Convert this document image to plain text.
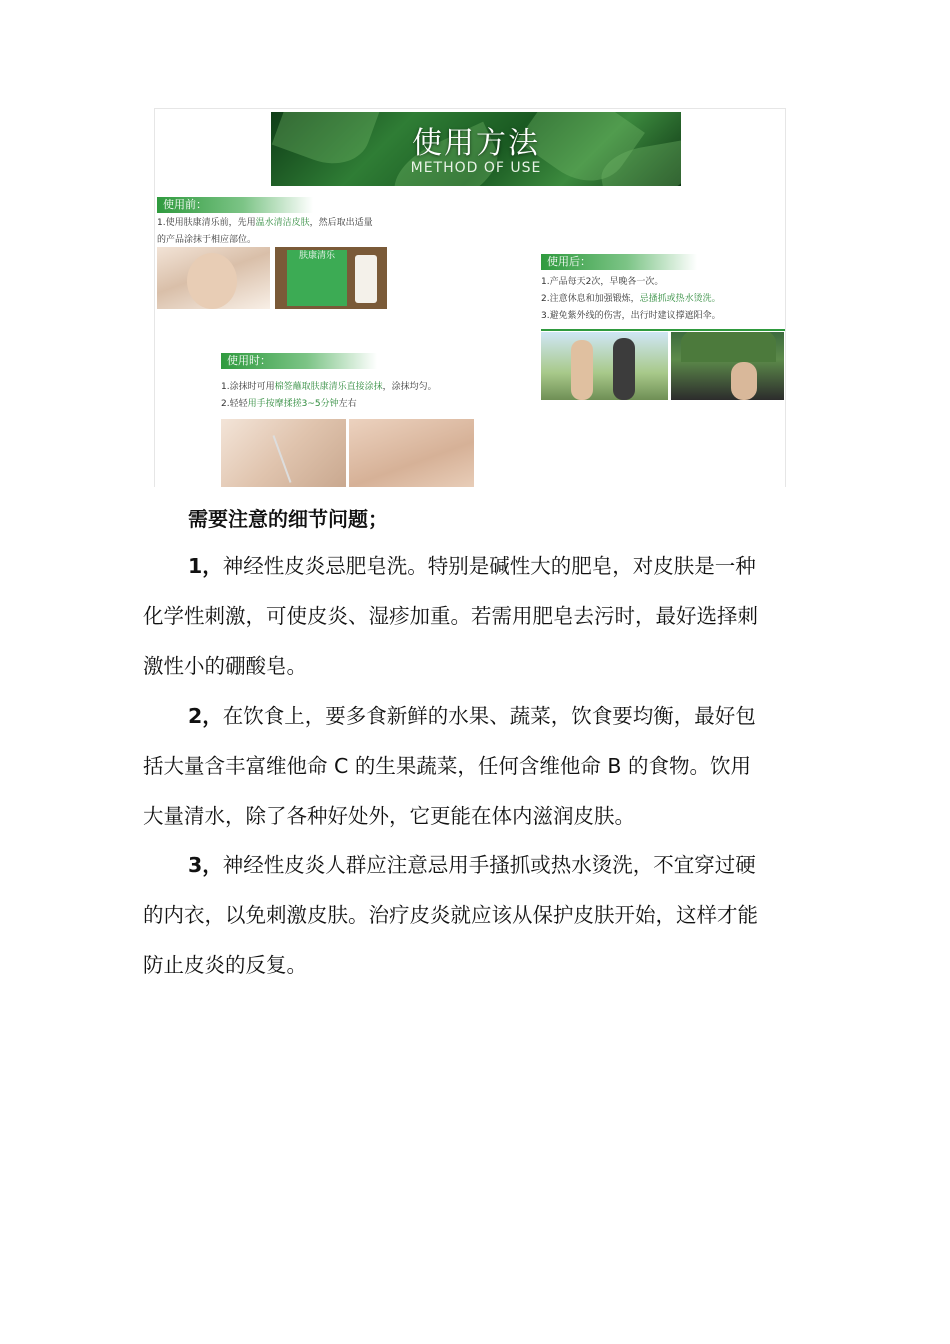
使用方法
METHOD OF USE
使用前：
1.使用肤康清乐前，先用温水清洁皮肤，然后取出适量
的产品涂抹于相应部位。
肤康清乐
使用时：
1.涂抹时可用棉签蘸取肤康清乐直接涂抹，涂抹均匀。
2.轻轻用手按摩揉搓3~5分钟左右
使用后：
1.产品每天2次，早晚各一次。
2.注意休息和加强锻炼，忌搔抓或热水烫洗。
3.避免紫外线的伤害，出行时建议撑遮阳伞。
需要注意的细节问题；
1，神经性皮炎忌肥皂洗。特别是碱性大的肥皂，对皮肤是一种
化学性刺激，可使皮炎、湿疹加重。若需用肥皂去污时，最好选择刺
激性小的硼酸皂。
2，在饮食上，要多食新鲜的水果、蔬菜，饮食要均衡，最好包
括大量含丰富维他命 C 的生果蔬菜，任何含维他命 B 的食物。饮用
大量清水，除了各种好处外，它更能在体内滋润皮肤。
3，神经性皮炎人群应注意忌用手搔抓或热水烫洗，不宜穿过硬
的内衣，以免刺激皮肤。治疗皮炎就应该从保护皮肤开始，这样才能
防止皮炎的反复。
